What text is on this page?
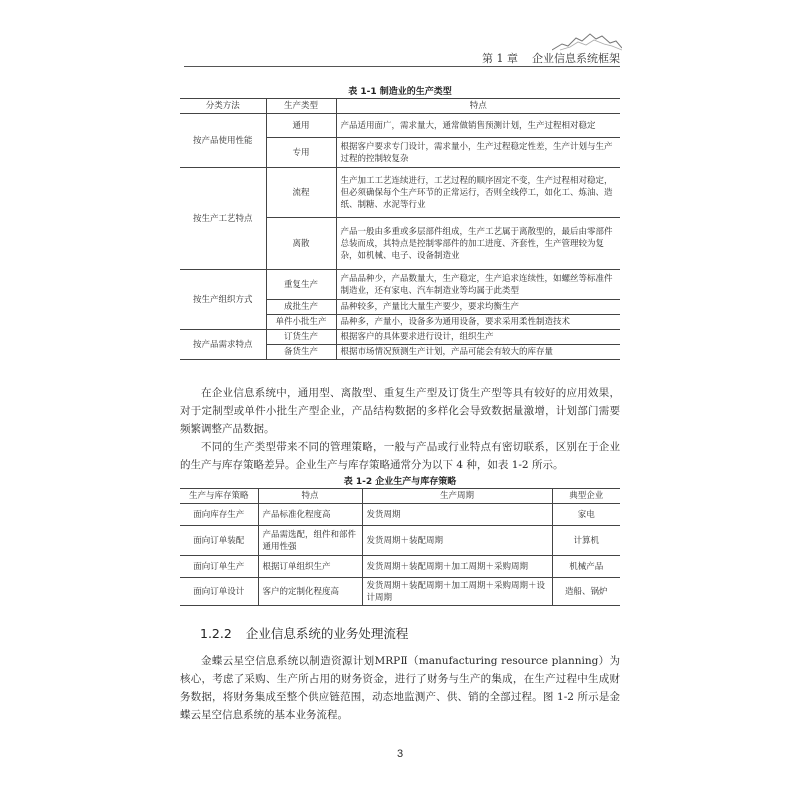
第 1 章 企业信息系统框架
表 1-1 制造业的生产类型
分类方法	生产类型	特点
按产品使用性能	通用	产品适用面广，需求量大，通常做销售预测计划，生产过程相对稳定
	专用	根据客户要求专门设计，需求量小，生产过程稳定性差，生产计划与生产过程的控制较复杂
按生产工艺特点	流程	生产加工工艺连续进行，工艺过程的顺序固定不变，生产过程相对稳定，但必须确保每个生产环节的正常运行，否则全线停工，如化工、炼油、造纸、制糖、水泥等行业
	离散	产品一般由多重或多层部件组成，生产工艺属于离散型的，最后由零部件总装而成，其特点是控制零部件的加工进度、齐套性，生产管理较为复杂，如机械、电子、设备制造业
按生产组织方式	重复生产	产品品种少，产品数量大，生产稳定，生产追求连续性，如螺丝等标准件制造业，还有家电、汽车制造业等均属于此类型
	成批生产	品种较多，产量比大量生产要少，要求均衡生产
	单件小批生产	品种多，产量小，设备多为通用设备，要求采用柔性制造技术
按产品需求特点	订货生产	根据客户的具体要求进行设计，组织生产
	备货生产	根据市场情况预测生产计划，产品可能会有较大的库存量
在企业信息系统中，通用型、离散型、重复生产型及订货生产型等具有较好的应用效果，对于定制型或单件小批生产型企业，产品结构数据的多样化会导致数据量激增，计划部门需要频繁调整产品数据。
不同的生产类型带来不同的管理策略，一般与产品或行业特点有密切联系，区别在于企业的生产与库存策略差异。企业生产与库存策略通常分为以下 4 种，如表 1-2 所示。
表 1-2 企业生产与库存策略
生产与库存策略	特点	生产周期	典型企业
面向库存生产	产品标准化程度高	发货周期	家电
面向订单装配	产品需选配，组件和部件通用性强	发货周期＋装配周期	计算机
面向订单生产	根据订单组织生产	发货周期＋装配周期＋加工周期＋采购周期	机械产品
面向订单设计	客户的定制化程度高	发货周期＋装配周期＋加工周期＋采购周期＋设计周期	造船、锅炉
1.2.2 企业信息系统的业务处理流程
金蝶云星空信息系统以制造资源计划MRPⅡ（manufacturing resource planning）为核心，考虑了采购、生产所占用的财务资金，进行了财务与生产的集成，在生产过程中生成财务数据，将财务集成至整个供应链范围，动态地监测产、供、销的全部过程。图 1-2 所示是金蝶云星空信息系统的基本业务流程。
3
